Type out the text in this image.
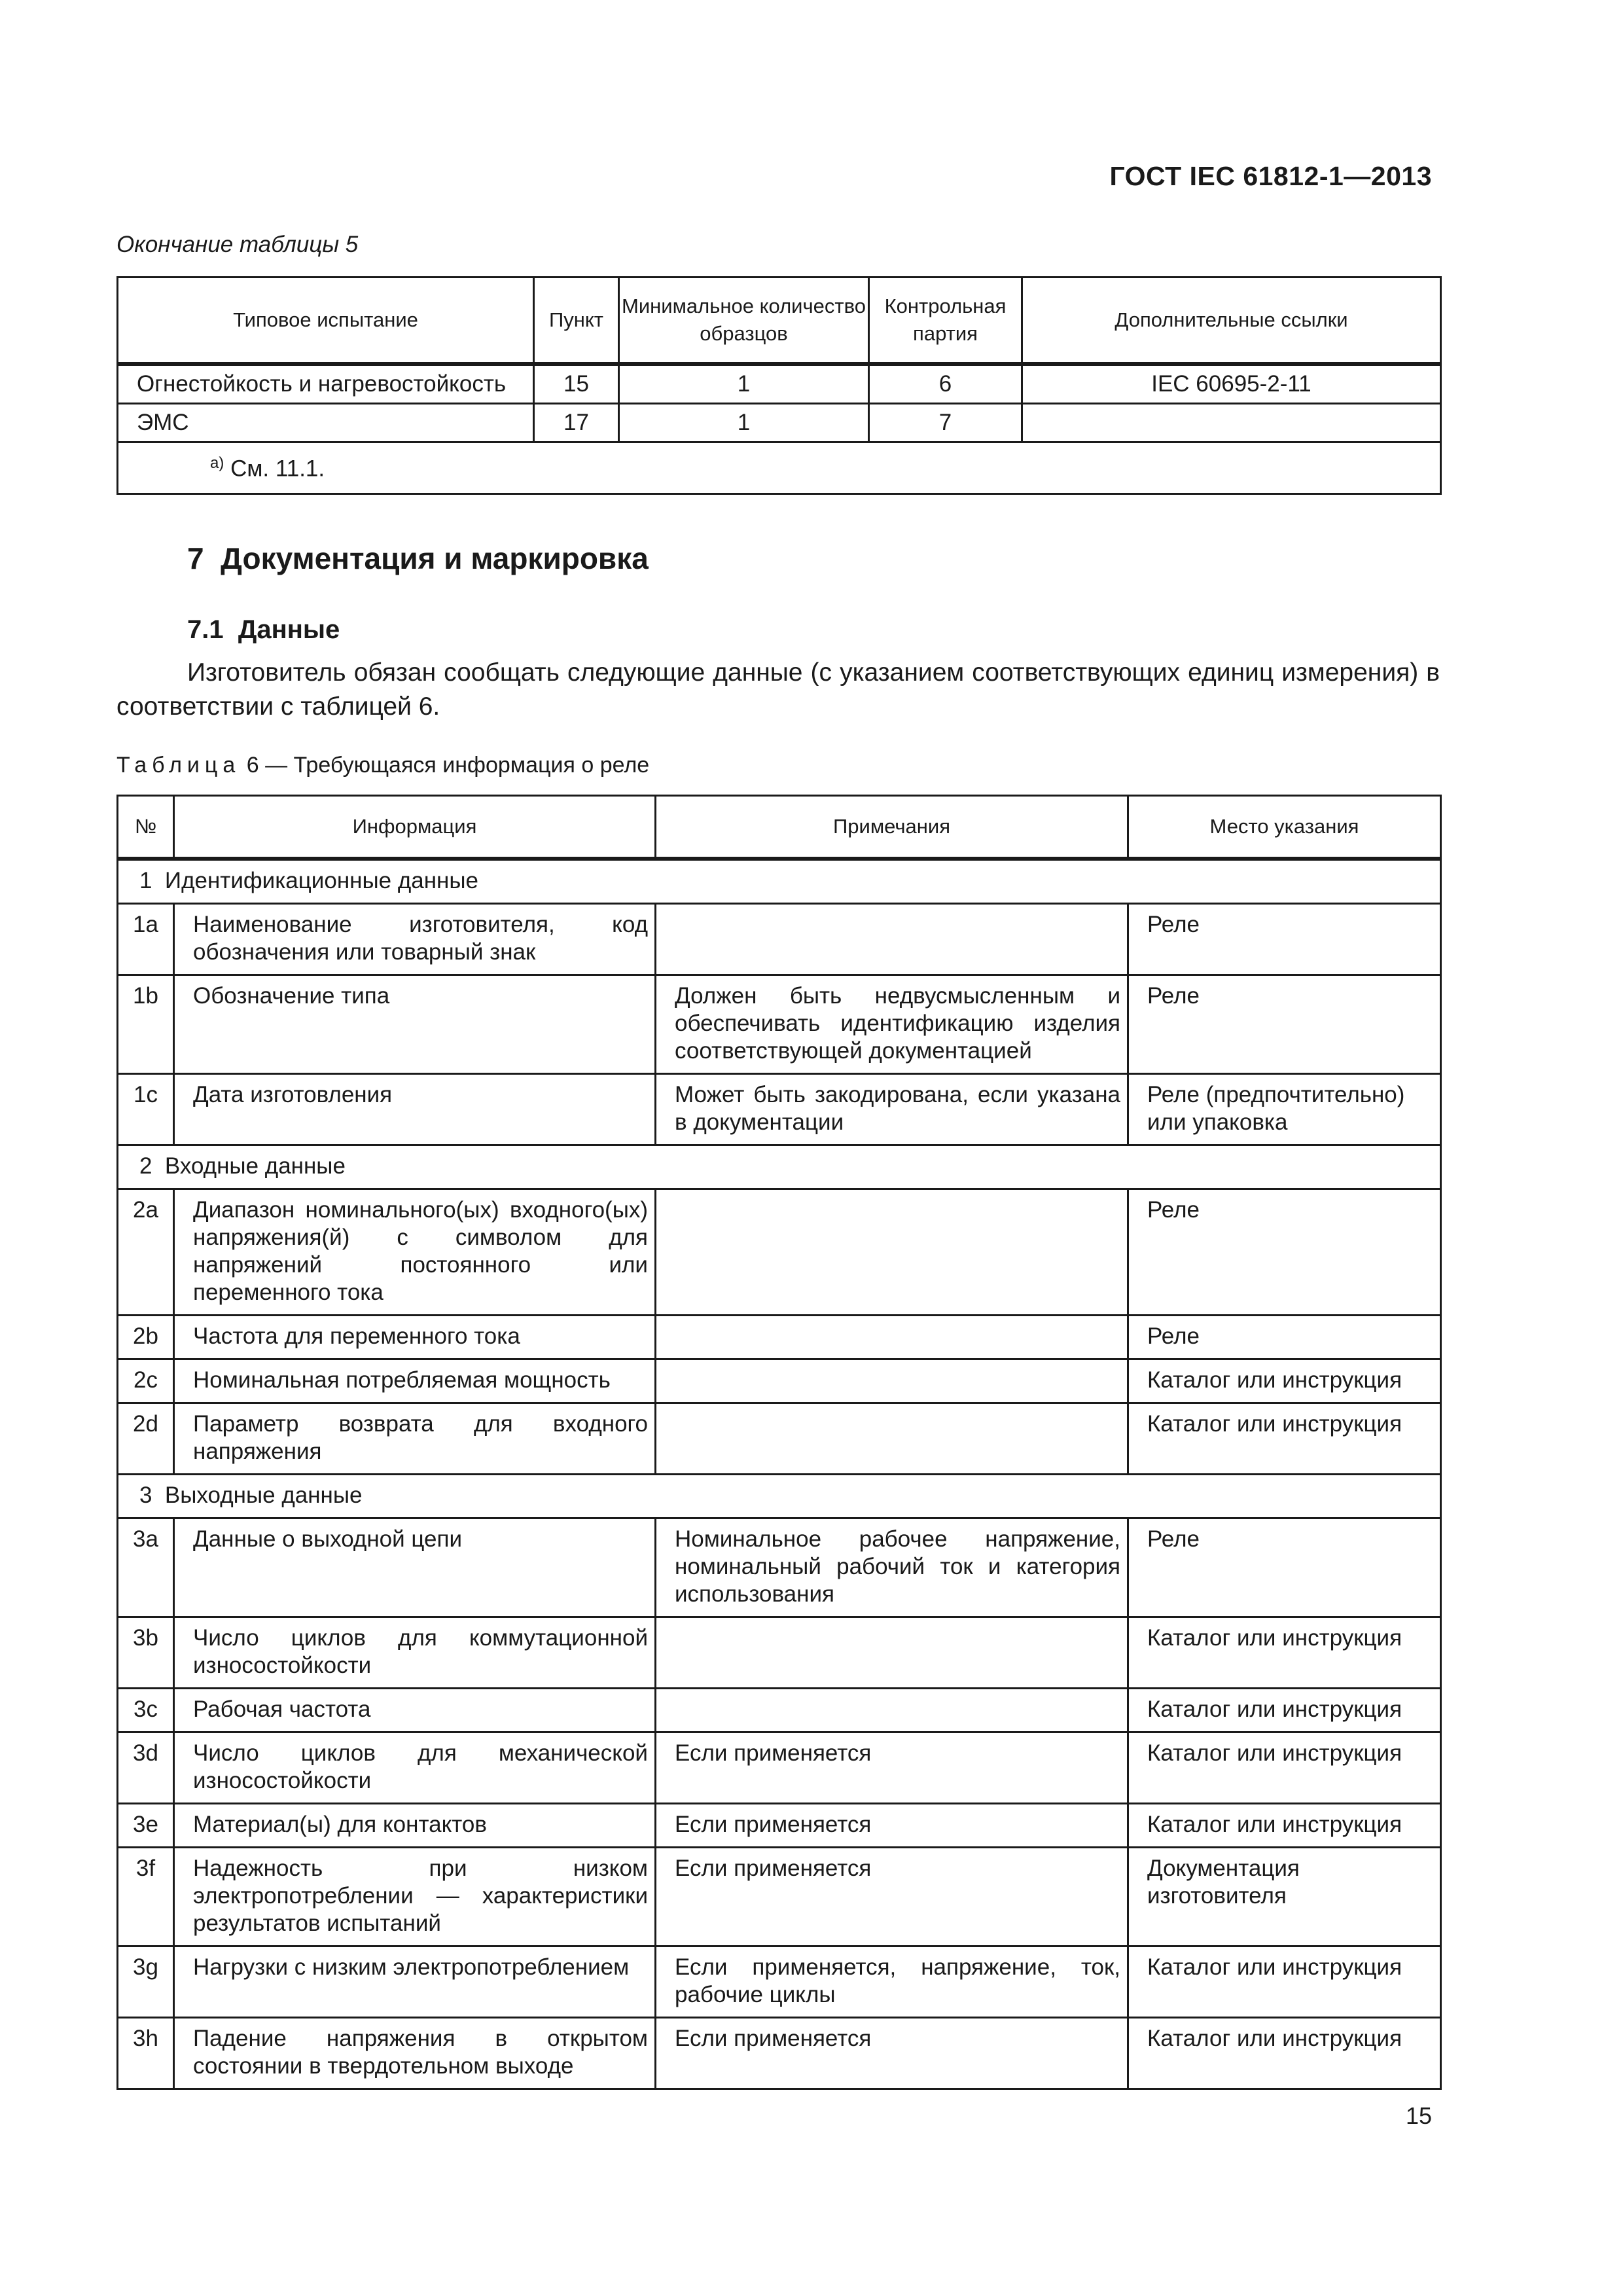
ГОСТ IEC 61812-1—2013
Окончание таблицы 5
Типовое испытание	Пункт	Минимальное количество образцов	Контрольная партия	Дополнительные ссылки
Огнестойкость и нагревостойкость	15	1	6	IEC 60695-2-11
ЭМС	17	1	7	
$^{a)}$ См. 11.1.				
7  Документация и маркировка
7.1  Данные
Изготовитель обязан сообщать следующие данные (с указанием соответствующих единиц измерения) в соответствии с таблицей 6.
Таблица 6 — Требующаяся информация о реле
№	Информация	Примечания	Место указания
1  Идентификационные данные			
1a	Наименование изготовителя, код обозначения или товарный знак		Реле
1b	Обозначение типа	Должен быть недвусмысленным и обеспечивать идентификацию изделия соответствующей документацией	Реле
1c	Дата изготовления	Может быть закодирована, если указана в документации	Реле (предпочтительно) или упаковка
2  Входные данные			
2a	Диапазон номинального(ых) входного(ых) напряжения(й) с символом для напряжений постоянного или переменного тока		Реле
2b	Частота для переменного тока		Реле
2c	Номинальная потребляемая мощность		Каталог или инструкция
2d	Параметр возврата для входного напряжения		Каталог или инструкция
3  Выходные данные			
3a	Данные о выходной цепи	Номинальное рабочее напряжение, номинальный рабочий ток и категория использования	Реле
3b	Число циклов для коммутационной износостойкости		Каталог или инструкция
3c	Рабочая частота		Каталог или инструкция
3d	Число циклов для механической износостойкости	Если применяется	Каталог или инструкция
3e	Материал(ы) для контактов	Если применяется	Каталог или инструкция
3f	Надежность при низком электропотреблении — характеристики результатов испытаний	Если применяется	Документация изготовителя
3g	Нагрузки с низким электропотреблением	Если применяется, напряжение, ток, рабочие циклы	Каталог или инструкция
3h	Падение напряжения в открытом состоянии в твердотельном выходе	Если применяется	Каталог или инструкция
15
